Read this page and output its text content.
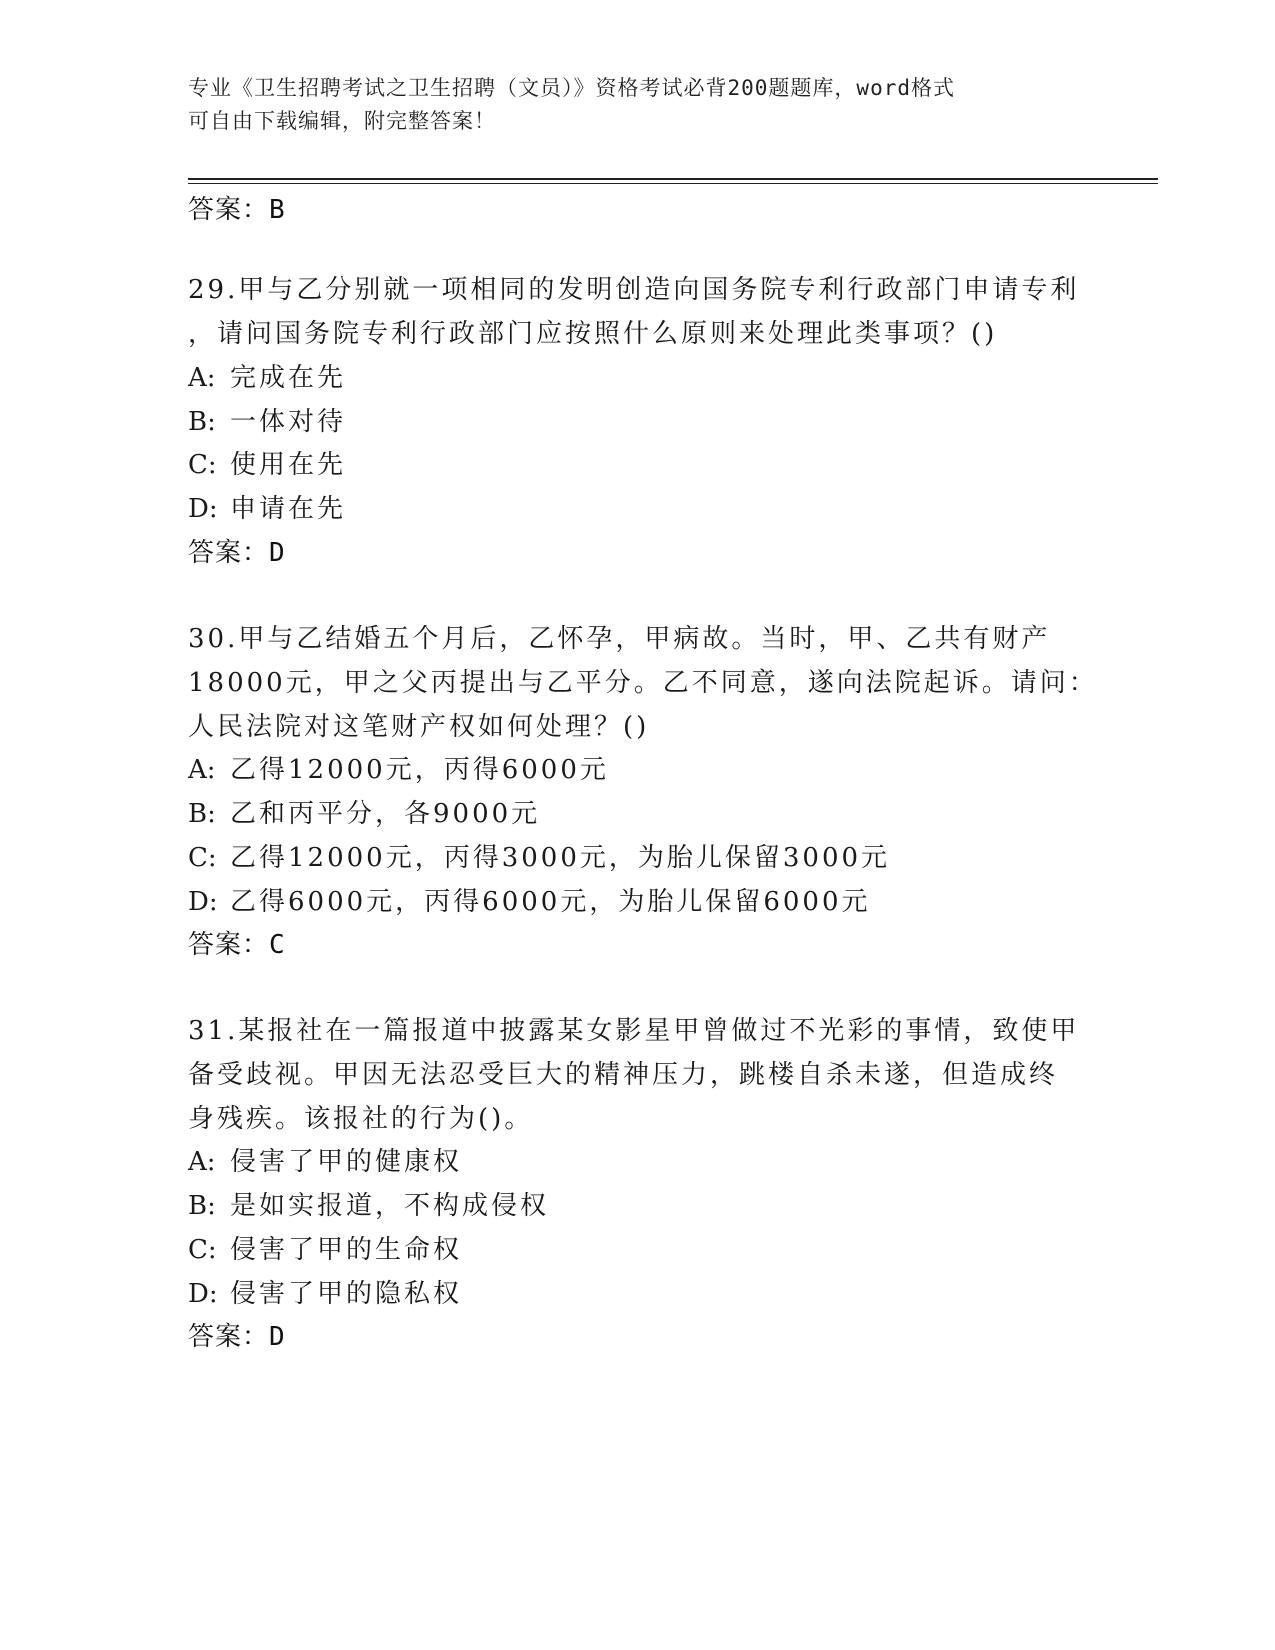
专业《卫生招聘考试之卫生招聘（文员）》资格考试必背200题题库，word格式
可自由下载编辑，附完整答案！
答案：B
29.甲与乙分别就一项相同的发明创造向国务院专利行政部门申请专利
，请问国务院专利行政部门应按照什么原则来处理此类事项？()
A: 完成在先
B: 一体对待
C: 使用在先
D: 申请在先
答案：D
30.甲与乙结婚五个月后，乙怀孕，甲病故。当时，甲、乙共有财产
18000元，甲之父丙提出与乙平分。乙不同意，遂向法院起诉。请问：
人民法院对这笔财产权如何处理？()
A: 乙得12000元，丙得6000元
B: 乙和丙平分，各9000元
C: 乙得12000元，丙得3000元，为胎儿保留3000元
D: 乙得6000元，丙得6000元，为胎儿保留6000元
答案：C
31.某报社在一篇报道中披露某女影星甲曾做过不光彩的事情，致使甲
备受歧视。甲因无法忍受巨大的精神压力，跳楼自杀未遂，但造成终
身残疾。该报社的行为()。
A: 侵害了甲的健康权
B: 是如实报道，不构成侵权
C: 侵害了甲的生命权
D: 侵害了甲的隐私权
答案：D
